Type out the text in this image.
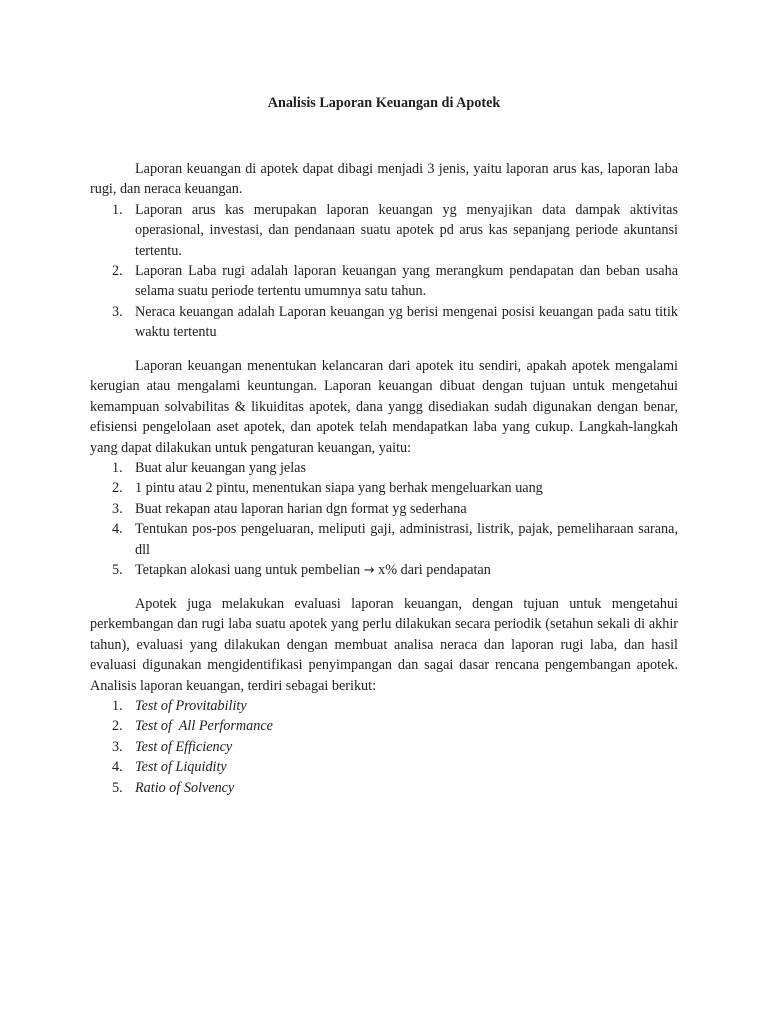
Analisis Laporan Keuangan di Apotek

Laporan keuangan di apotek dapat dibagi menjadi 3 jenis, yaitu laporan arus kas, laporan laba rugi, dan neraca keuangan.

1. Laporan arus kas merupakan laporan keuangan yg menyajikan data dampak aktivitas operasional, investasi, dan pendanaan suatu apotek pd arus kas sepanjang periode akuntansi tertentu.
2. Laporan Laba rugi adalah laporan keuangan yang merangkum pendapatan dan beban usaha selama suatu periode tertentu umumnya satu tahun.
3. Neraca keuangan adalah Laporan keuangan yg berisi mengenai posisi keuangan pada satu titik waktu tertentu

Laporan keuangan menentukan kelancaran dari apotek itu sendiri, apakah apotek mengalami kerugian atau mengalami keuntungan. Laporan keuangan dibuat dengan tujuan untuk mengetahui kemampuan solvabilitas & likuiditas apotek, dana yangg disediakan sudah digunakan dengan benar, efisiensi pengelolaan aset apotek, dan apotek telah mendapatkan laba yang cukup. Langkah-langkah yang dapat dilakukan untuk pengaturan keuangan, yaitu:

1. Buat alur keuangan yang jelas
2. 1 pintu atau 2 pintu, menentukan siapa yang berhak mengeluarkan uang
3. Buat rekapan atau laporan harian dgn format yg sederhana
4. Tentukan pos-pos pengeluaran, meliputi gaji, administrasi, listrik, pajak, pemeliharaan sarana, dll
5. Tetapkan alokasi uang untuk pembelian → x% dari pendapatan

Apotek juga melakukan evaluasi laporan keuangan, dengan tujuan untuk mengetahui perkembangan dan rugi laba suatu apotek yang perlu dilakukan secara periodik (setahun sekali di akhir tahun), evaluasi yang dilakukan dengan membuat analisa neraca dan laporan rugi laba, dan hasil evaluasi digunakan mengidentifikasi penyimpangan dan sagai dasar rencana pengembangan apotek. Analisis laporan keuangan, terdiri sebagai berikut:

1. Test of Provitability
2. Test of  All Performance
3. Test of Efficiency
4. Test of Liquidity
5. Ratio of Solvency
